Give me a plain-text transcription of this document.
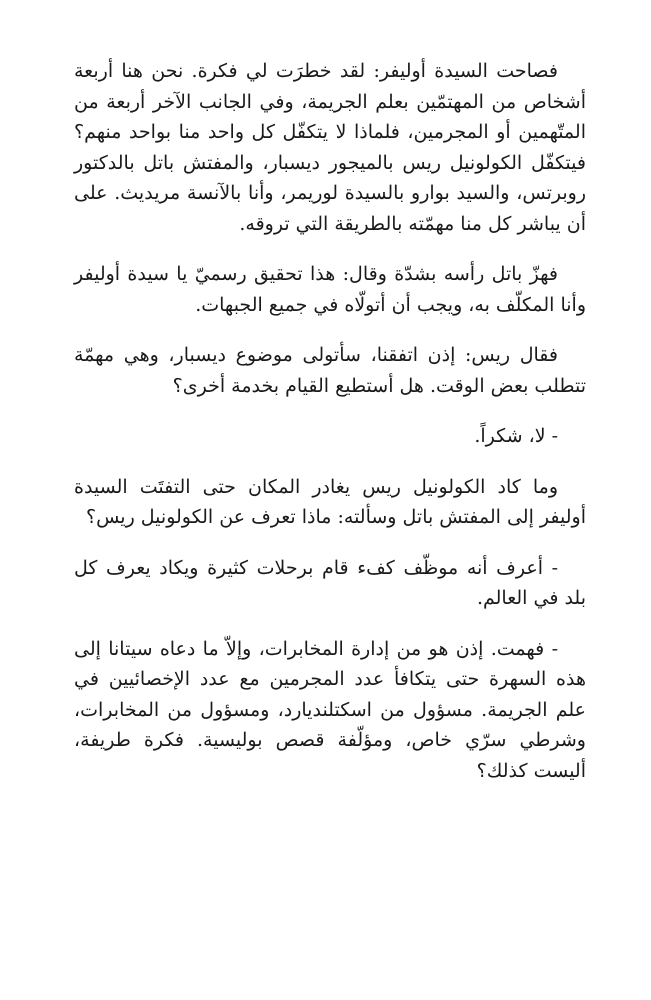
فصاحت السيدة أوليفر: لقد خطرَت لي فكرة. نحن هنا أربعة أشخاص من المهتمّين بعلم الجريمة، وفي الجانب الآخر أربعة من المتّهمين أو المجرمين، فلماذا لا يتكفّل كل واحد منا بواحد منهم؟ فيتكفّل الكولونيل ريس بالميجور ديسبار، والمفتش باتل بالدكتور روبرتس، والسيد بوارو بالسيدة لوريمر، وأنا بالآنسة مريديث. على أن يباشر كل منا مهمّته بالطريقة التي تروقه.

فهزّ باتل رأسه بشدّة وقال: هذا تحقيق رسميّ يا سيدة أوليفر وأنا المكلّف به، ويجب أن أتولّاه في جميع الجبهات.

فقال ريس: إذن اتفقنا، سأتولى موضوع ديسبار، وهي مهمّة تتطلب بعض الوقت. هل أستطيع القيام بخدمة أخرى؟

- لا، شكراً.

وما كاد الكولونيل ريس يغادر المكان حتى التفتَت السيدة أوليفر إلى المفتش باتل وسألته: ماذا تعرف عن الكولونيل ريس؟

- أعرف أنه موظّف كفء قام برحلات كثيرة ويكاد يعرف كل بلد في العالم.

- فهمت. إذن هو من إدارة المخابرات، وإلاّ ما دعاه سيتانا إلى هذه السهرة حتى يتكافأ عدد المجرمين مع عدد الإخصائيين في علم الجريمة. مسؤول من اسكتلنديارد، ومسؤول من المخابرات، وشرطي سرّي خاص، ومؤلّفة قصص بوليسية. فكرة طريفة، أليست كذلك؟
